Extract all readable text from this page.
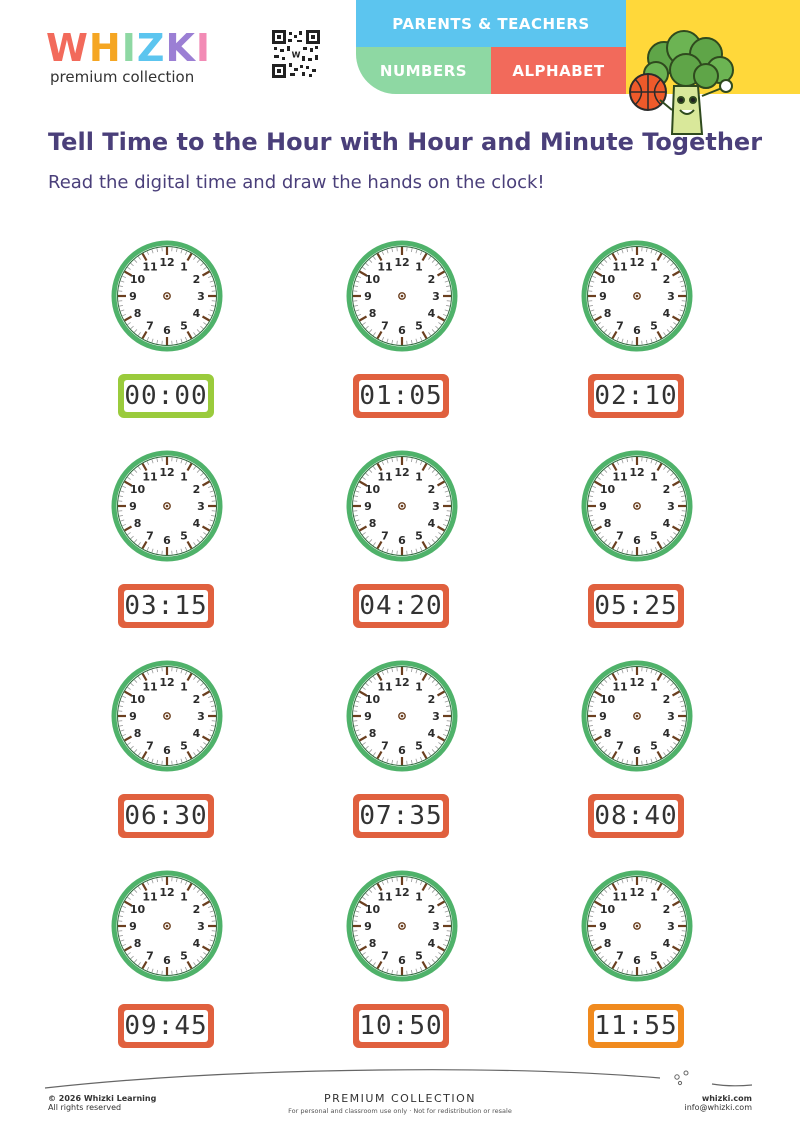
WHIZKI
premium collection
W
PARENTS & TEACHERS
NUMBERS	ALPHABET
Tell Time to the Hour with Hour and Minute Together
Read the digital time and draw the hands on the clock!
12 1
2
3
4
5
6
7
8
9
10
11
00:00
12 1
2
3
4
5
6
7
8
9
10
11
01:05
12 1
2
3
4
5
6
7
8
9
10
11
02:10
12 1
2
3
4
5
6
7
8
9
10
11
03:15
12 1
2
3
4
5
6
7
8
9
10
11
04:20
12 1
2
3
4
5
6
7
8
9
10
11
05:25
12 1
2
3
4
5
6
7
8
9
10
11
06:30
12 1
2
3
4
5
6
7
8
9
10
11
07:35
12 1
2
3
4
5
6
7
8
9
10
11
08:40
12 1
2
3
4
5
6
7
8
9
10
11
09:45
12 1
2
3
4
5
6
7
8
9
10
11
10:50
12 1
2
3
4
5
6
7
8
9
10
11
11:55
© 2026 Whizki Learning
All rights reserved
PREMIUM COLLECTION
For personal and classroom use only · Not for redistribution or resale
whizki.com
info@whizki.com
